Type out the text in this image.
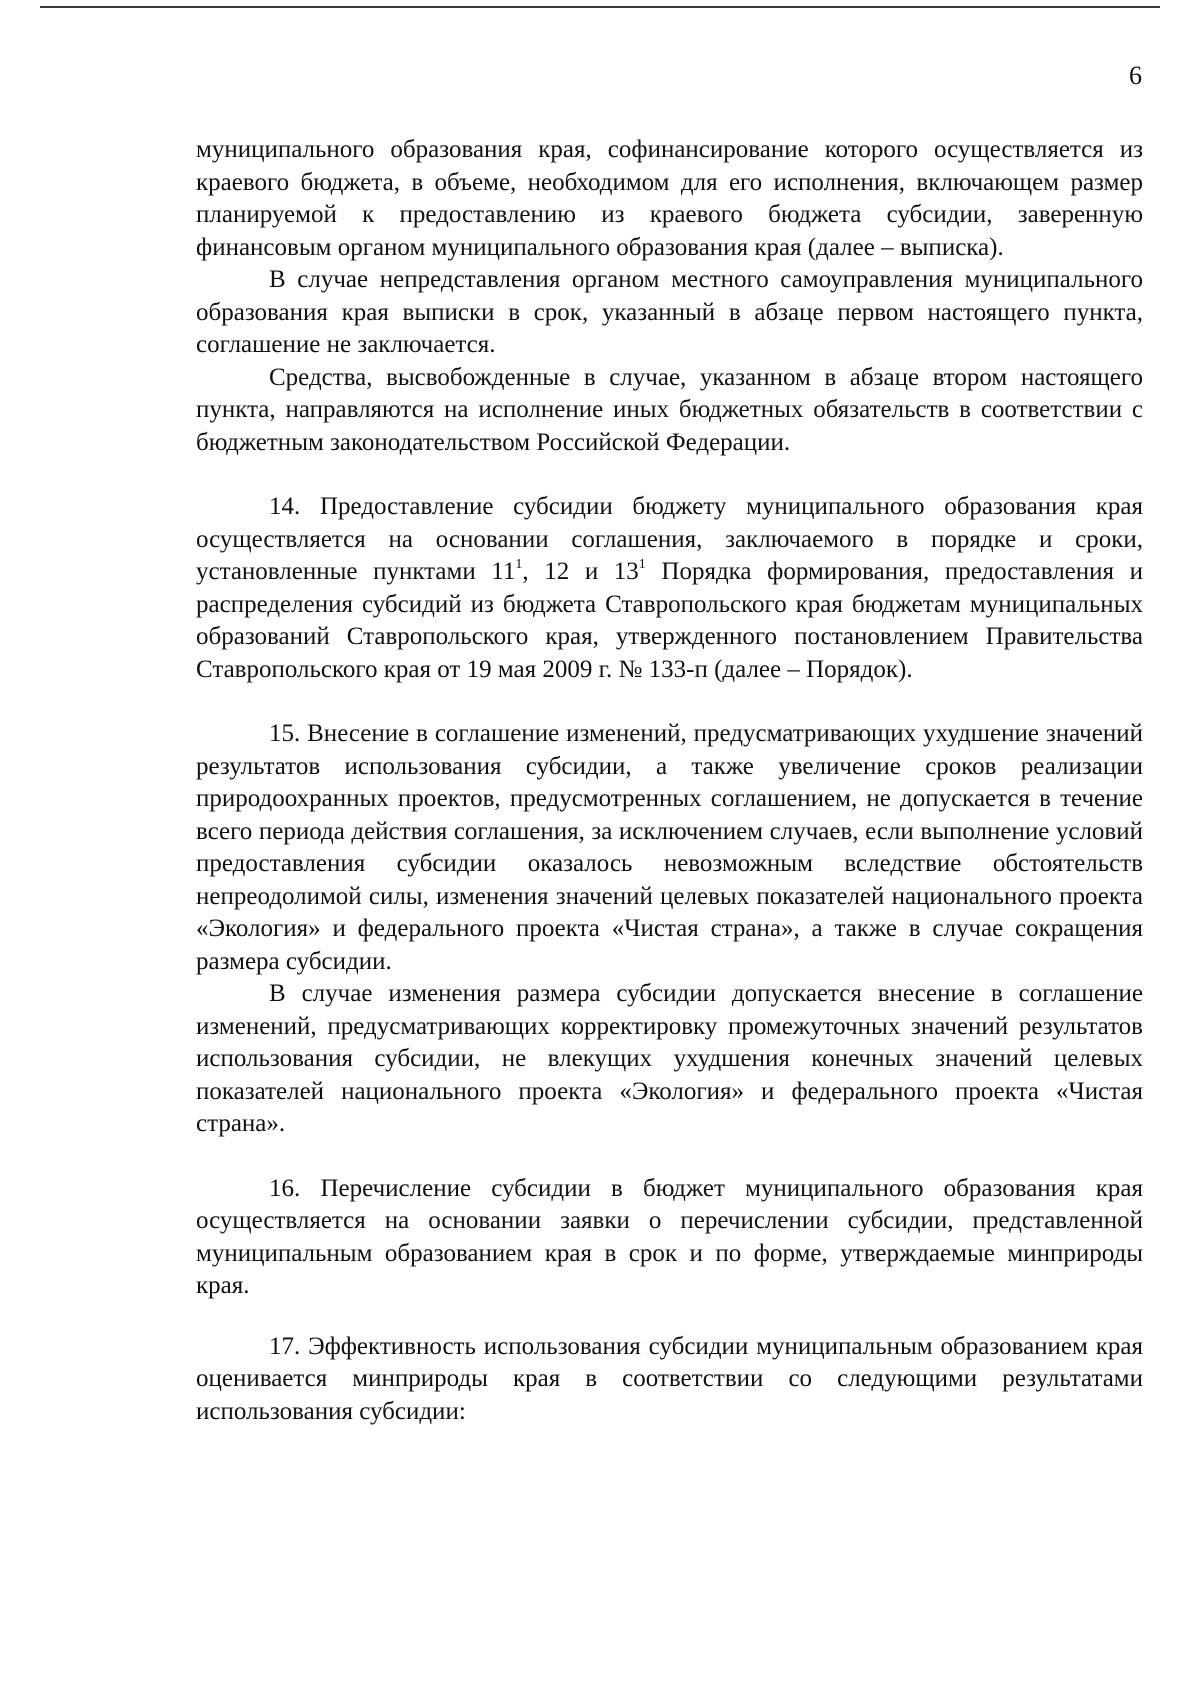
6

муниципального образования края, софинансирование которого осуществляется из краевого бюджета, в объеме, необходимом для его исполнения, включающем размер планируемой к предоставлению из краевого бюджета субсидии, заверенную финансовым органом муниципального образования края (далее – выписка).

В случае непредставления органом местного самоуправления муниципального образования края выписки в срок, указанный в абзаце первом настоящего пункта, соглашение не заключается.

Средства, высвобожденные в случае, указанном в абзаце втором настоящего пункта, направляются на исполнение иных бюджетных обязательств в соответствии с бюджетным законодательством Российской Федерации.

14. Предоставление субсидии бюджету муниципального образования края осуществляется на основании соглашения, заключаемого в порядке и сроки, установленные пунктами $11^1$, 12 и $13^1$ Порядка формирования, предоставления и распределения субсидий из бюджета Ставропольского края бюджетам муниципальных образований Ставропольского края, утвержденного постановлением Правительства Ставропольского края от 19 мая 2009 г. № 133-п (далее – Порядок).

15. Внесение в соглашение изменений, предусматривающих ухудшение значений результатов использования субсидии, а также увеличение сроков реализации природоохранных проектов, предусмотренных соглашением, не допускается в течение всего периода действия соглашения, за исключением случаев, если выполнение условий предоставления субсидии оказалось невозможным вследствие обстоятельств непреодолимой силы, изменения значений целевых показателей национального проекта «Экология» и федерального проекта «Чистая страна», а также в случае сокращения размера субсидии.

В случае изменения размера субсидии допускается внесение в соглашение изменений, предусматривающих корректировку промежуточных значений результатов использования субсидии, не влекущих ухудшения конечных значений целевых показателей национального проекта «Экология» и федерального проекта «Чистая страна».

16. Перечисление субсидии в бюджет муниципального образования края осуществляется на основании заявки о перечислении субсидии, представленной муниципальным образованием края в срок и по форме, утверждаемые минприроды края.

17. Эффективность использования субсидии муниципальным образованием края оценивается минприроды края в соответствии со следующими результатами использования субсидии:
